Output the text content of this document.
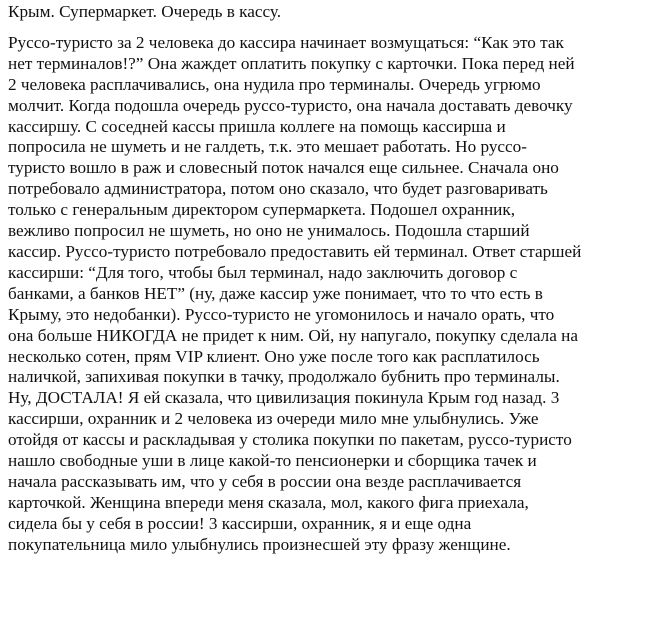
Крым. Супермаркет. Очередь в кассу.
Руссо-туристо за 2 человека до кассира начинает возмущаться: “Как это так
нет терминалов!?” Она жаждет оплатить покупку с карточки. Пока перед ней
2 человека расплачивались, она нудила про терминалы. Очередь угрюмо
молчит. Когда подошла очередь руссо-туристо, она начала доставать девочку
кассиршу. С соседней кассы пришла коллеге на помощь кассирша и
попросила не шуметь и не галдеть, т.к. это мешает работать. Но руссо-
туристо вошло в раж и словесный поток начался еще сильнее. Сначала оно
потребовало администратора, потом оно сказало, что будет разговаривать
только с генеральным директором супермаркета. Подошел охранник,
вежливо попросил не шуметь, но оно не унималось. Подошла старший
кассир. Руссо-туристо потребовало предоставить ей терминал. Ответ старшей
кассирши: “Для того, чтобы был терминал, надо заключить договор с
банками, а банков НЕТ” (ну, даже кассир уже понимает, что то что есть в
Крыму, это недобанки). Руссо-туристо не угомонилось и начало орать, что
она больше НИКОГДА не придет к ним. Ой, ну напугало, покупку сделала на
несколько сотен, прям VIP клиент. Оно уже после того как расплатилось
наличкой, запихивая покупки в тачку, продолжало бубнить про терминалы.
Ну, ДОСТАЛА! Я ей сказала, что цивилизация покинула Крым год назад. 3
кассирши, охранник и 2 человека из очереди мило мне улыбнулись. Уже
отойдя от кассы и раскладывая у столика покупки по пакетам, руссо-туристо
нашло свободные уши в лице какой-то пенсионерки и сборщика тачек и
начала рассказывать им, что у себя в россии она везде расплачивается
карточкой. Женщина впереди меня сказала, мол, какого фига приехала,
сидела бы у себя в россии! 3 кассирши, охранник, я и еще одна
покупательница мило улыбнулись произнесшей эту фразу женщине.
